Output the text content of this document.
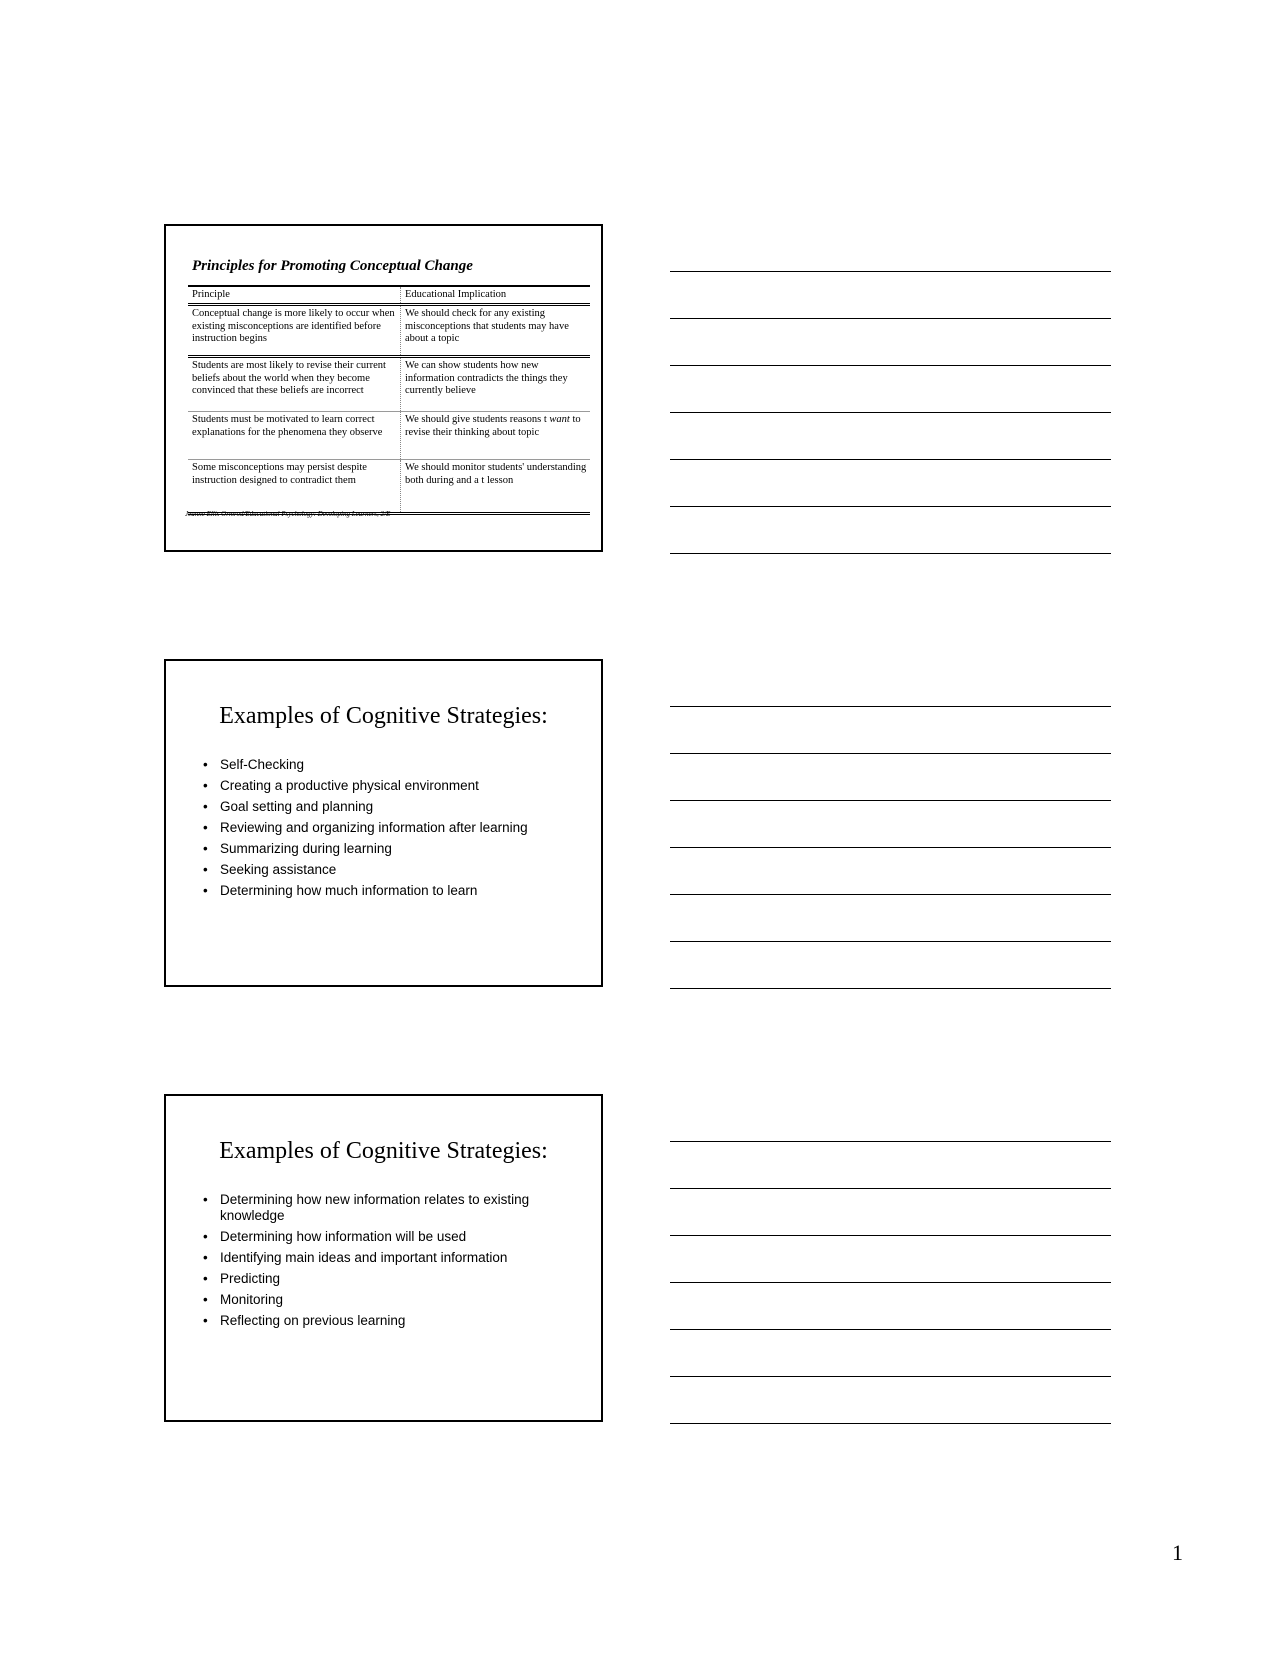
Principles for Promoting Conceptual Change
Principle	Educational Implication
Conceptual change is more likely to occur when existing misconceptions are identified before instruction begins
We should check for any existing misconceptions that students may have about a topic
Students are most likely to revise their current beliefs about the world when they become convinced that these beliefs are incorrect
We can show students how new information contradicts the things they currently believe
Students must be motivated to learn correct explanations for the phenomena they observe
We should give students reasons t want to revise their thinking about topic
Some misconceptions may persist despite instruction designed to contradict them
We should monitor students' understanding both during and a t lesson
Jeanne Ellis Ormrod/Educational Psychology: Developing Learners, 2/E
Examples of Cognitive Strategies:
• Self-Checking
• Creating a productive physical environment
• Goal setting and planning
• Reviewing and organizing information after learning
• Summarizing during learning
• Seeking assistance
• Determining how much information to learn
Examples of Cognitive Strategies:
• Determining how new information relates to existing knowledge
• Determining how information will be used
• Identifying main ideas and important information
• Predicting
• Monitoring
• Reflecting on previous learning
1
